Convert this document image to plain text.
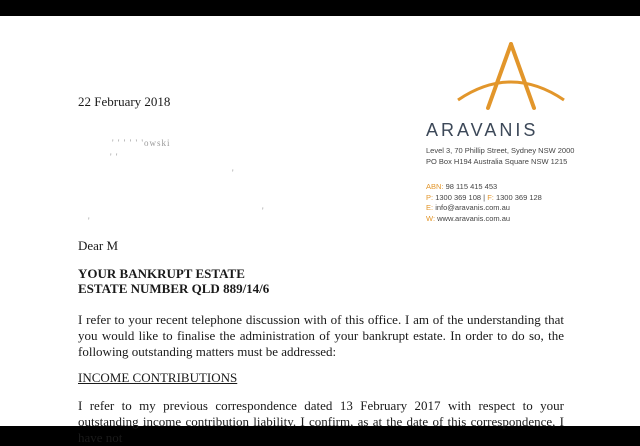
22 February 2018
ARAVANIS
Level 3, 70 Phillip Street, Sydney NSW 2000
PO Box H194 Australia Square NSW 1215
ABN: 98 115 415 453
P: 1300 369 108 | F: 1300 369 128
E: info@aravanis.com.au
W: www.aravanis.com.au
' ' ' ' ' 'owski
' '
'
'
'
Dear M
YOUR BANKRUPT ESTATE
ESTATE NUMBER QLD 889/14/6
I refer to your recent telephone discussion with of this office. I am of the understanding that you would like to finalise the administration of your bankrupt estate. In order to do so, the following outstanding matters must be addressed:
INCOME CONTRIBUTIONS
I refer to my previous correspondence dated 13 February 2017 with respect to your outstanding income contribution liability. I confirm, as at the date of this correspondence, I have not
